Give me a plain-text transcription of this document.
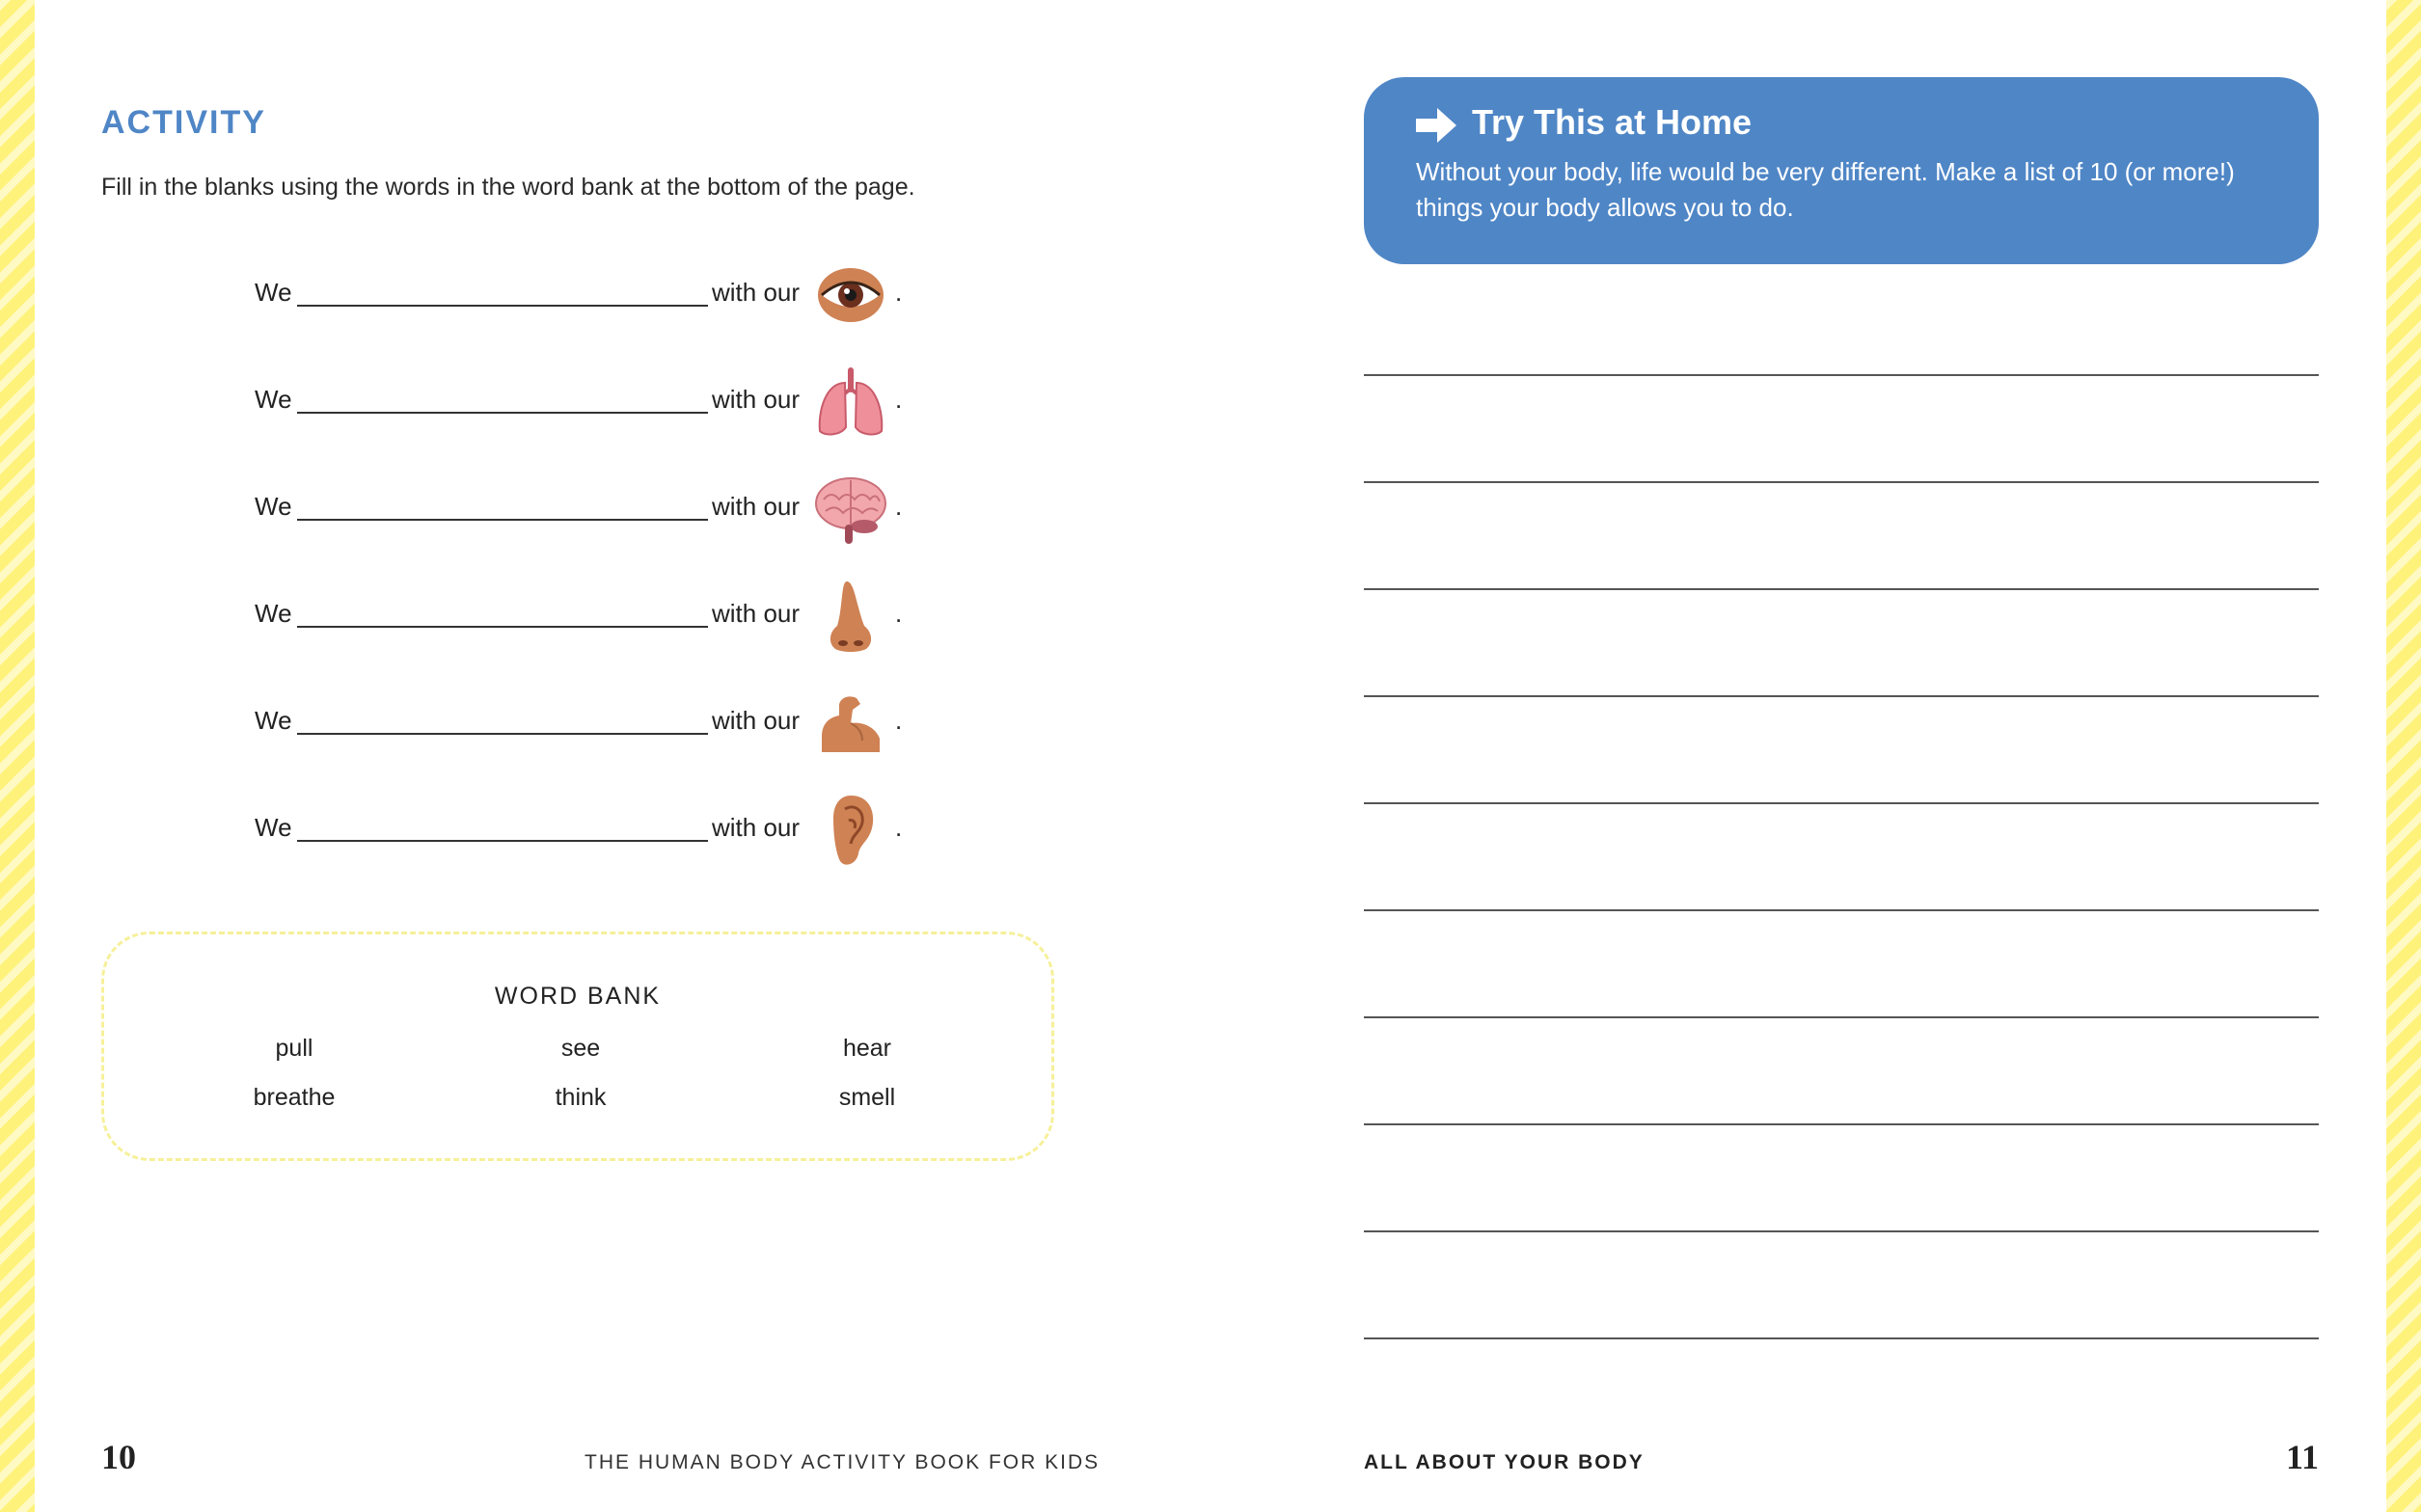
ACTIVITY
Fill in the blanks using the words in the word bank at the bottom of the page.
We	with our	.
We	with our	.
We	with our	.
We	with our	.
We	with our	.
We	with our	.
WORD BANK
pull	see	hear
breathe	think	smell
10	THE HUMAN BODY ACTIVITY BOOK FOR KIDS
Try This at Home
Without your body, life would be very different. Make a list of 10 (or more!) things your body allows you to do.
ALL ABOUT YOUR BODY	11
